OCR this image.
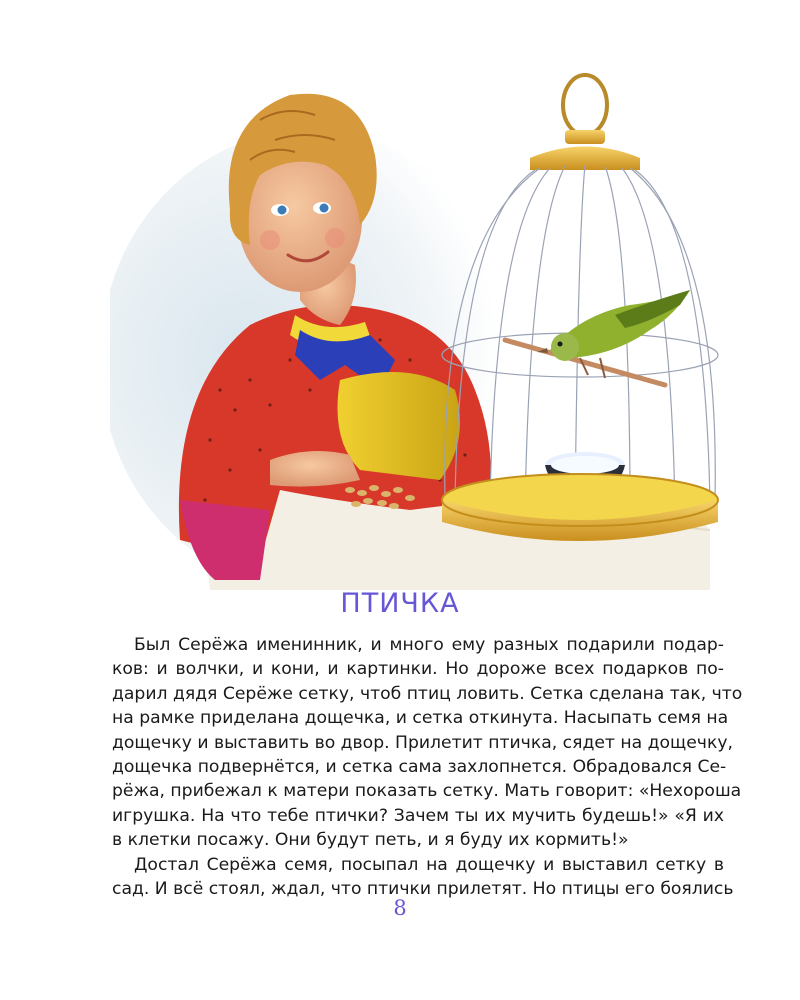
ПТИЧКА
Был Серёжа именинник, и много ему разных подарили подар-
ков: и волчки, и кони, и картинки. Но дороже всех подарков по-
дарил дядя Серёже сетку, чтоб птиц ловить. Сетка сделана так, что
на рамке приделана дощечка, и сетка откинута. Насыпать семя на
дощечку и выставить во двор. Прилетит птичка, сядет на дощечку,
дощечка подвернётся, и сетка сама захлопнется. Обрадовался Се-
рёжа, прибежал к матери показать сетку. Мать говорит: «Нехороша
игрушка. На что тебе птички? Зачем ты их мучить будешь!» «Я их
в клетки посажу. Они будут петь, и я буду их кормить!»
Достал Серёжа семя, посыпал на дощечку и выставил сетку в
сад. И всё стоял, ждал, что птички прилетят. Но птицы его боялись
8
